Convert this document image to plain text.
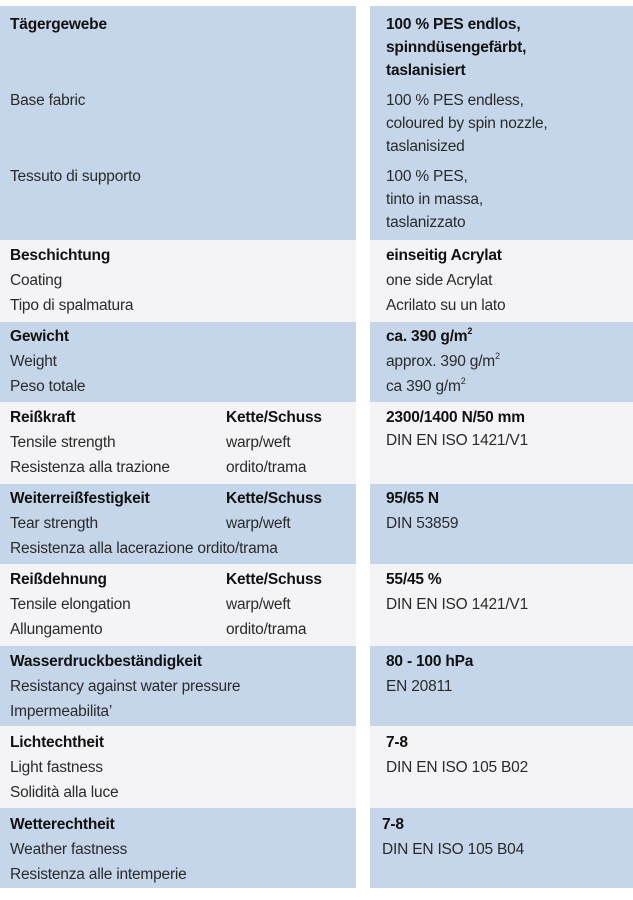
Tägergewebe
Base fabric
Tessuto di supporto
100 % PES endlos,
spinndüsengefärbt,
taslanisiert
100 % PES endless,
coloured by spin nozzle,
taslanisized
100 % PES,
tinto in massa,
taslanizzato
Beschichtung
Coating
Tipo di spalmatura
einseitig Acrylat
one side Acrylat
Acrilato su un lato
Gewicht
Weight
Peso totale
ca. 390 $g/m^2$
approx. 390 $g/m^2$
ca 390 $g/m^2$
Reißkraft
Tensile strength
Resistenza alla trazione
Kette/Schuss
warp/weft
ordito/trama
2300/1400 N/50 mm
DIN EN ISO 1421/V1
Weiterreißfestigkeit
Tear strength
Resistenza alla lacerazione ordito/trama
Kette/Schuss
warp/weft
95/65 N
DIN 53859
Reißdehnung
Tensile elongation
Allungamento
Kette/Schuss
warp/weft
ordito/trama
55/45 %
DIN EN ISO 1421/V1
Wasserdruckbeständigkeit
Resistancy against water pressure
Impermeabilita’
80 - 100 hPa
EN 20811
Lichtechtheit
Light fastness
Solidità alla luce
7-8
DIN EN ISO 105 B02
Wetterechtheit
Weather fastness
Resistenza alle intemperie
7-8
DIN EN ISO 105 B04
